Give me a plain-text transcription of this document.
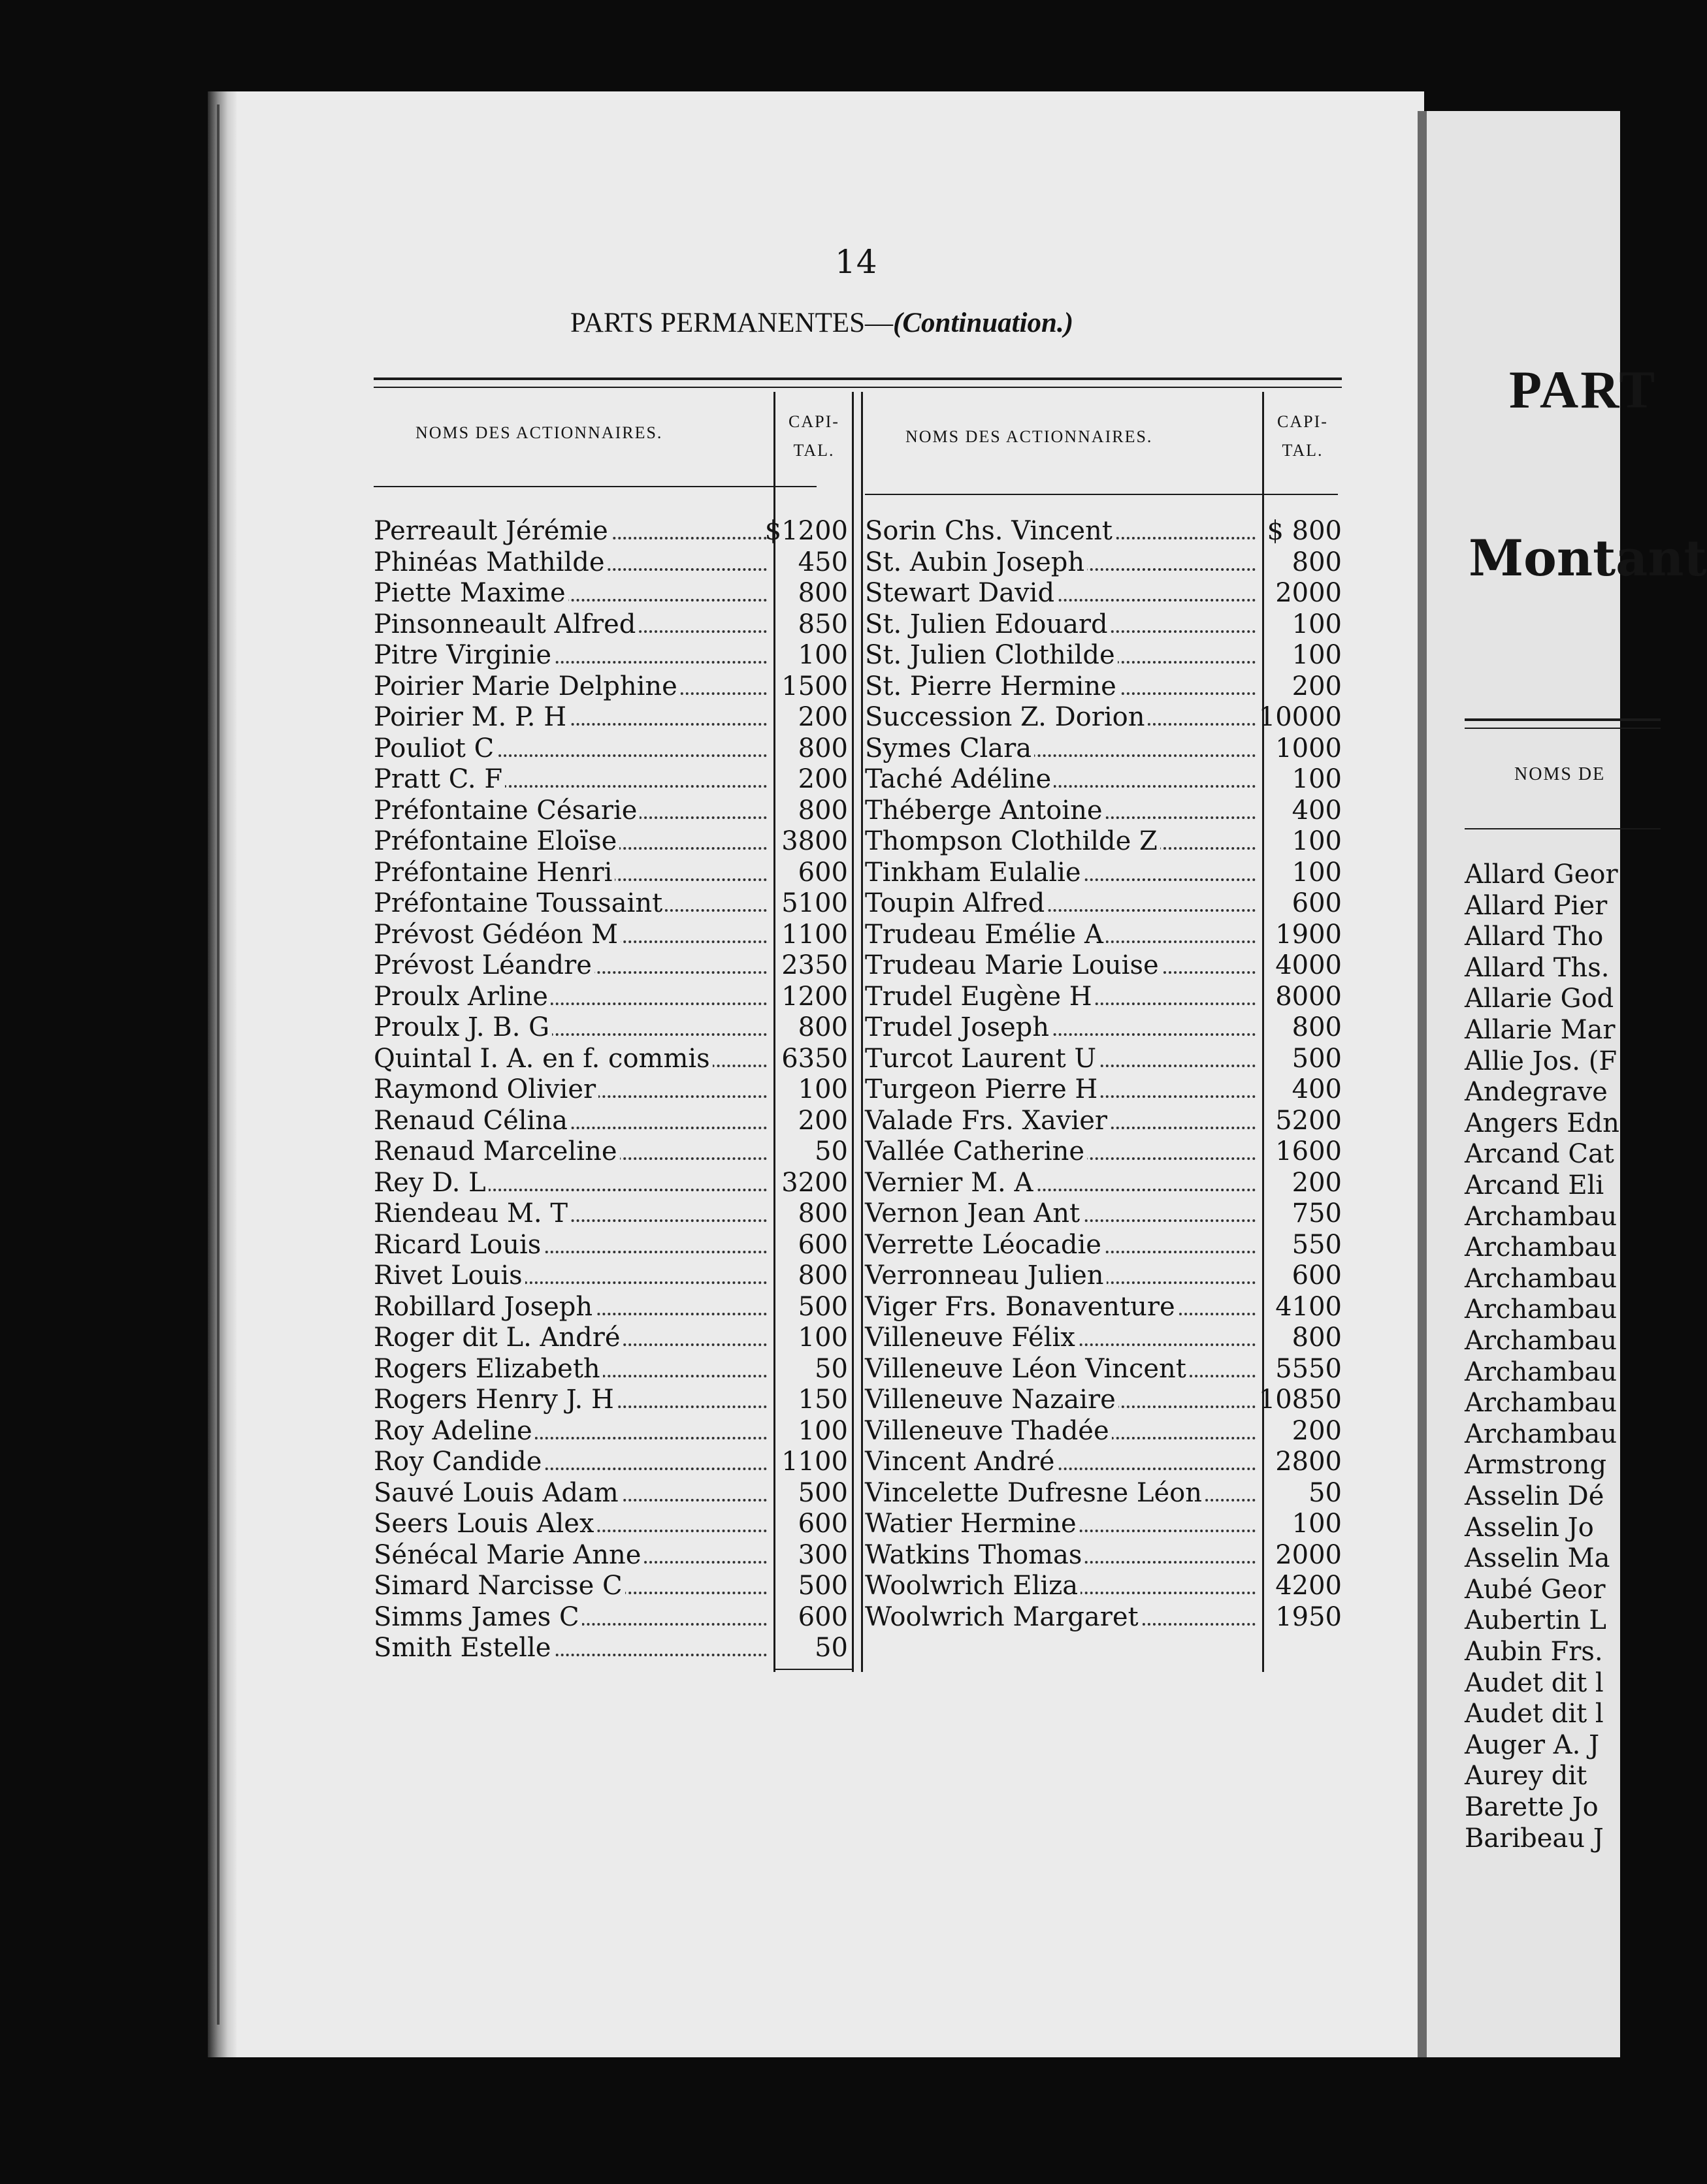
14
PARTS PERMANENTES—(Continuation.)
NOMS DES ACTIONNAIRES.
CAPI-
TAL.
NOMS DES ACTIONNAIRES.
CAPI-
TAL.
Perreault Jérémie
Phinéas Mathilde
Piette Maxime
Pinsonneault Alfred
Pitre Virginie
Poirier Marie Delphine
Poirier M. P. H
Pouliot C
Pratt C. F
Préfontaine Césarie
Préfontaine Eloïse
Préfontaine Henri
Préfontaine Toussaint
Prévost Gédéon M
Prévost Léandre
Proulx Arline
Proulx J. B. G
Quintal I. A. en f. commis
Raymond Olivier
Renaud Célina
Renaud Marceline
Rey D. L
Riendeau M. T
Ricard Louis
Rivet Louis
Robillard Joseph
Roger dit L. André
Rogers Elizabeth
Rogers Henry J. H
Roy Adeline
Roy Candide
Sauvé Louis Adam
Seers Louis Alex
Sénécal Marie Anne
Simard Narcisse C
Simms James C
Smith Estelle
$1200
450
800
850
100
1500
200
800
200
800
3800
600
5100
1100
2350
1200
800
6350
100
200
50
3200
800
600
800
500
100
50
150
100
1100
500
600
300
500
600
50
Sorin Chs. Vincent
St. Aubin Joseph
Stewart David
St. Julien Edouard
St. Julien Clothilde
St. Pierre Hermine
Succession Z. Dorion
Symes Clara
Taché Adéline
Théberge Antoine
Thompson Clothilde Z
Tinkham Eulalie
Toupin Alfred
Trudeau Emélie A
Trudeau Marie Louise
Trudel Eugène H
Trudel Joseph
Turcot Laurent U
Turgeon Pierre H
Valade Frs. Xavier
Vallée Catherine
Vernier M. A
Vernon Jean Ant
Verrette Léocadie
Verronneau Julien
Viger Frs. Bonaventure
Villeneuve Félix
Villeneuve Léon Vincent
Villeneuve Nazaire
Villeneuve Thadée
Vincent André
Vincelette Dufresne Léon
Watier Hermine
Watkins Thomas
Woolwrich Eliza
Woolwrich Margaret
$ 800
800
2000
100
100
200
10000
1000
100
400
100
100
600
1900
4000
8000
800
500
400
5200
1600
200
750
550
600
4100
800
5550
10850
200
2800
50
100
2000
4200
1950
PART
Montant
NOMS DE
Allard Geor
Allard Pier
Allard Tho
Allard Ths.
Allarie God
Allarie Mar
Allie Jos. (F
Andegrave
Angers Edn
Arcand Cat
Arcand Eli
Archambau
Archambau
Archambau
Archambau
Archambau
Archambau
Archambau
Archambau
Armstrong
Asselin Dé
Asselin Jo
Asselin Ma
Aubé Geor
Aubertin L
Aubin Frs.
Audet dit l
Audet dit l
Auger A. J
Aurey dit
Barette Jo
Baribeau J
